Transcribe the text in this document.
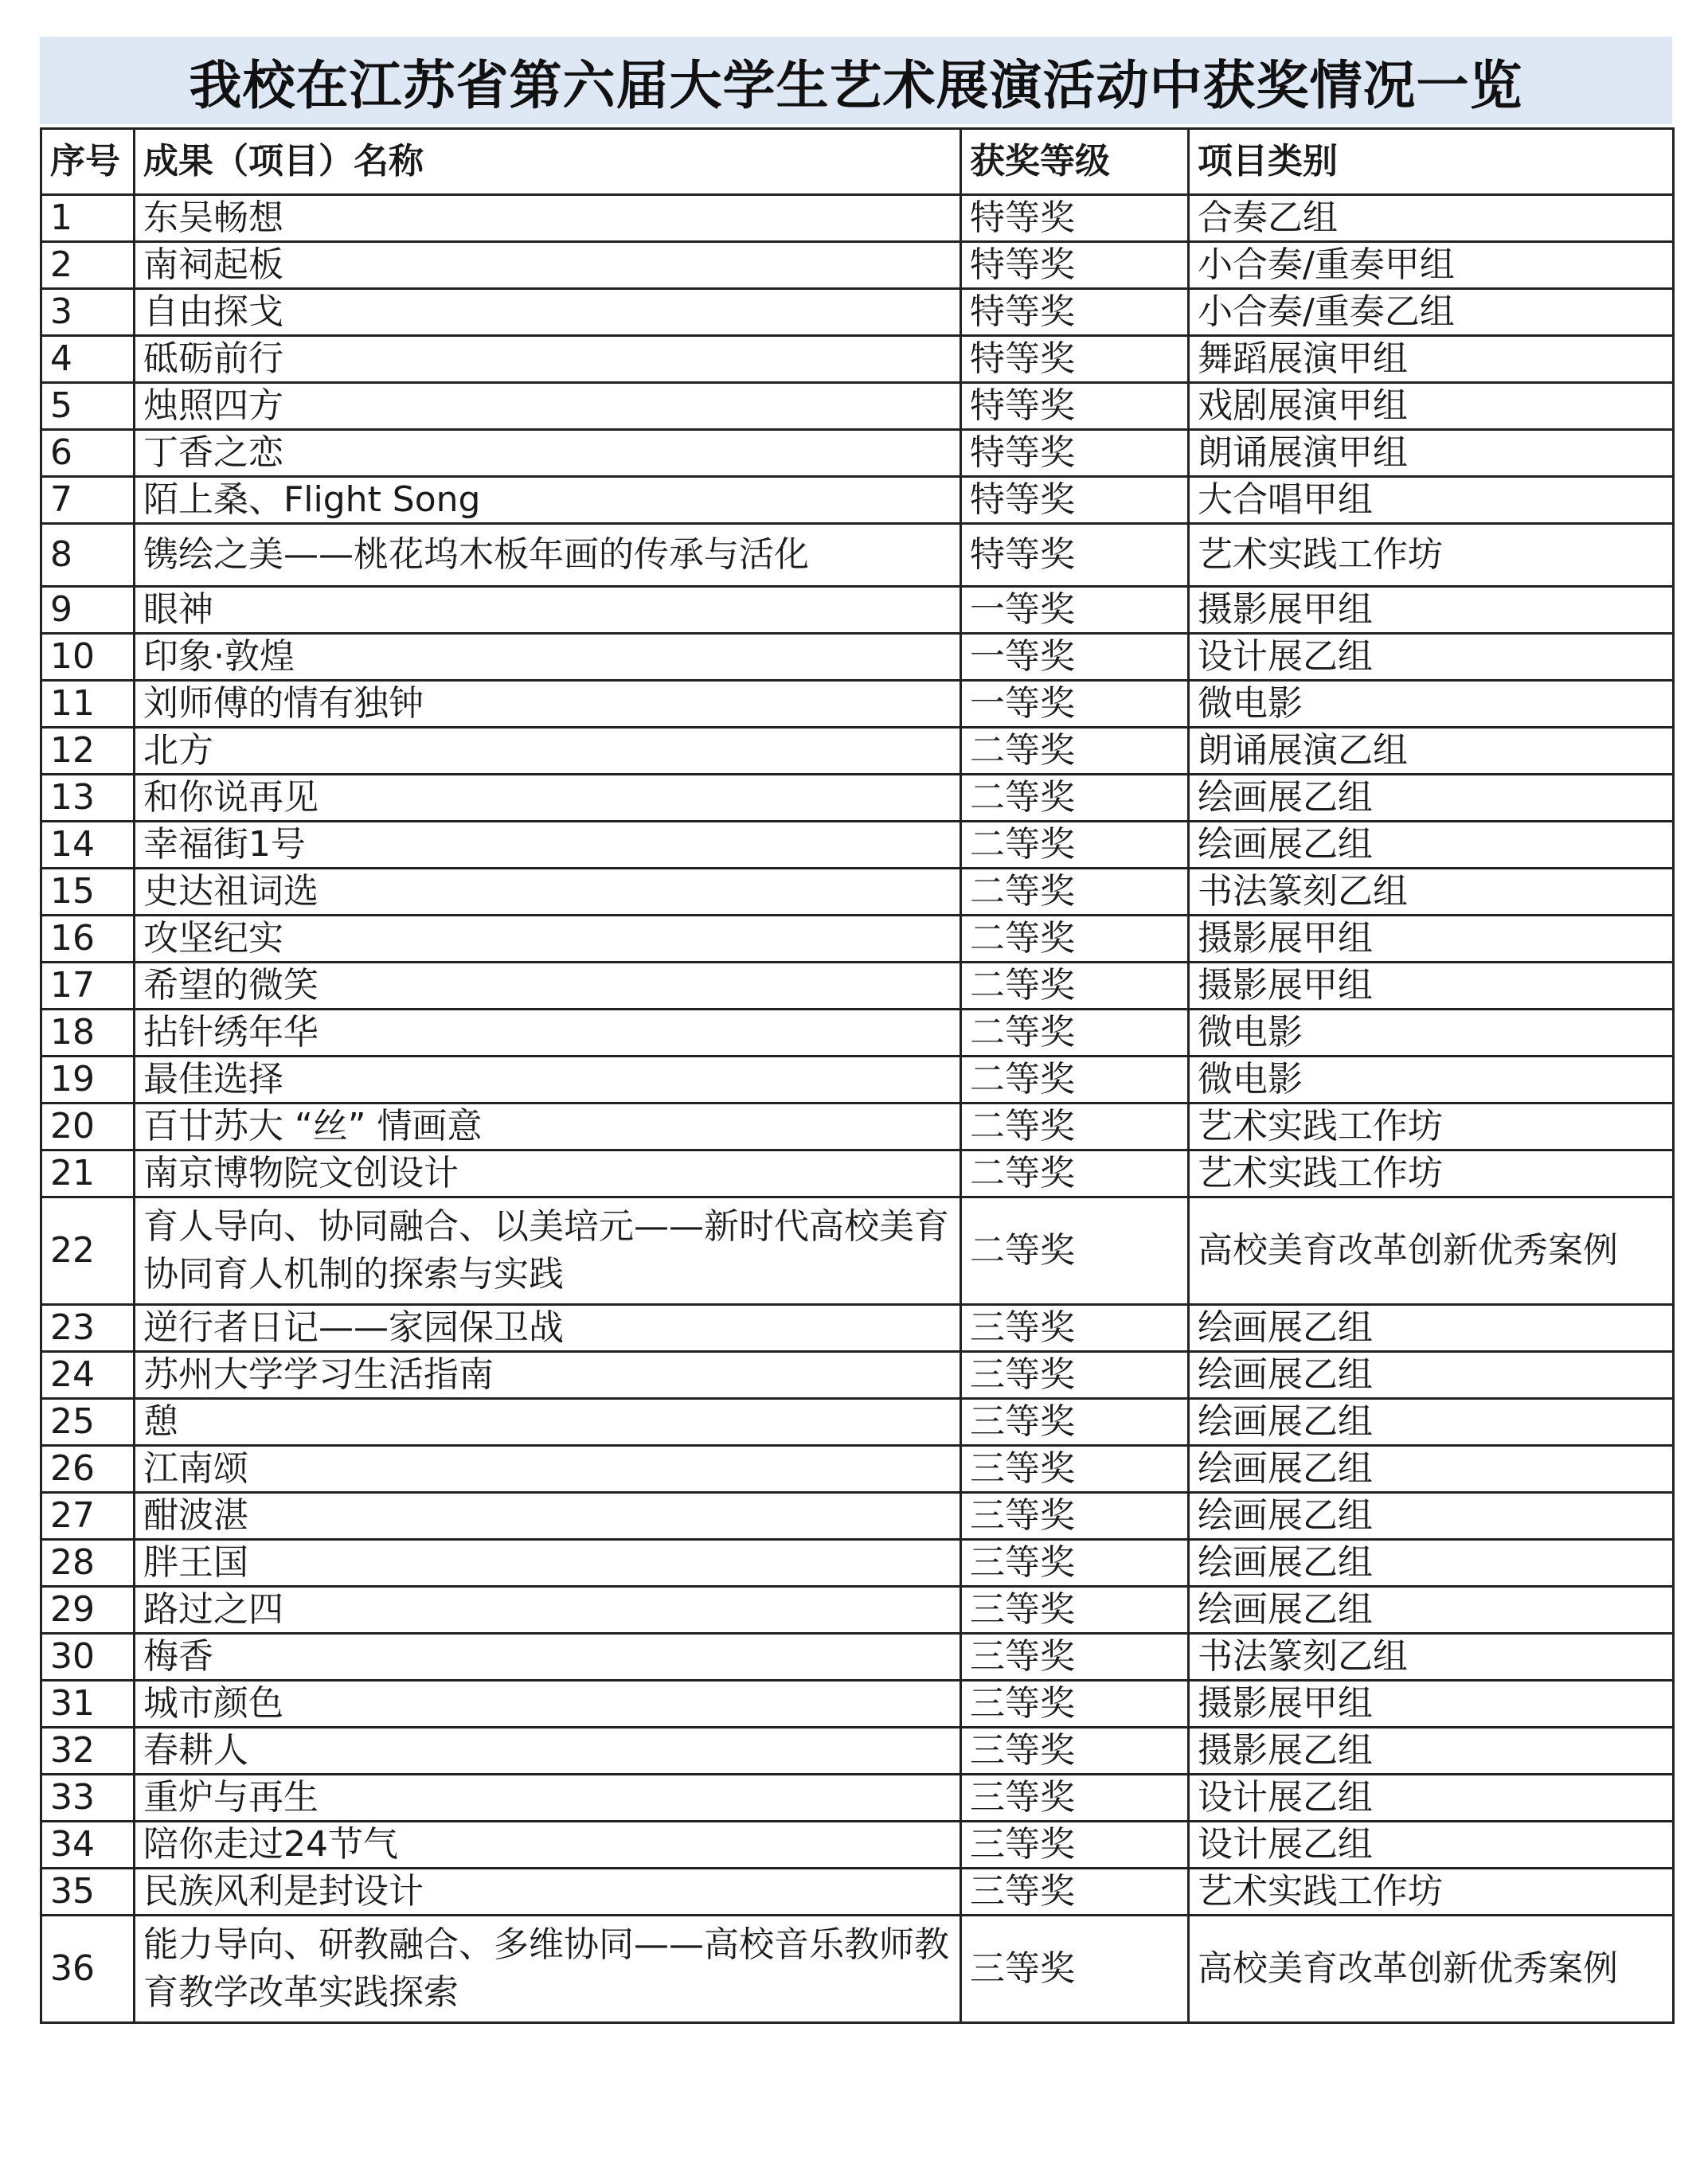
我校在江苏省第六届大学生艺术展演活动中获奖情况一览
序号	成果（项目）名称	获奖等级	项目类别
1	东吴畅想	特等奖	合奏乙组
2	南祠起板	特等奖	小合奏/重奏甲组
3	自由探戈	特等奖	小合奏/重奏乙组
4	砥砺前行	特等奖	舞蹈展演甲组
5	烛照四方	特等奖	戏剧展演甲组
6	丁香之恋	特等奖	朗诵展演甲组
7	陌上桑、Flight Song	特等奖	大合唱甲组
8	镌绘之美——桃花坞木板年画的传承与活化	特等奖	艺术实践工作坊
9	眼神	一等奖	摄影展甲组
10	印象·敦煌	一等奖	设计展乙组
11	刘师傅的情有独钟	一等奖	微电影
12	北方	二等奖	朗诵展演乙组
13	和你说再见	二等奖	绘画展乙组
14	幸福街1号	二等奖	绘画展乙组
15	史达祖词选	二等奖	书法篆刻乙组
16	攻坚纪实	二等奖	摄影展甲组
17	希望的微笑	二等奖	摄影展甲组
18	拈针绣年华	二等奖	微电影
19	最佳选择	二等奖	微电影
20	百廿苏大 “丝” 情画意	二等奖	艺术实践工作坊
21	南京博物院文创设计	二等奖	艺术实践工作坊
22	育人导向、协同融合、以美培元——新时代高校美育协同育人机制的探索与实践	二等奖	高校美育改革创新优秀案例
23	逆行者日记——家园保卫战	三等奖	绘画展乙组
24	苏州大学学习生活指南	三等奖	绘画展乙组
25	憩	三等奖	绘画展乙组
26	江南颂	三等奖	绘画展乙组
27	酣波湛	三等奖	绘画展乙组
28	胖王国	三等奖	绘画展乙组
29	路过之四	三等奖	绘画展乙组
30	梅香	三等奖	书法篆刻乙组
31	城市颜色	三等奖	摄影展甲组
32	春耕人	三等奖	摄影展乙组
33	重炉与再生	三等奖	设计展乙组
34	陪你走过24节气	三等奖	设计展乙组
35	民族风利是封设计	三等奖	艺术实践工作坊
36	能力导向、研教融合、多维协同——高校音乐教师教育教学改革实践探索	三等奖	高校美育改革创新优秀案例
